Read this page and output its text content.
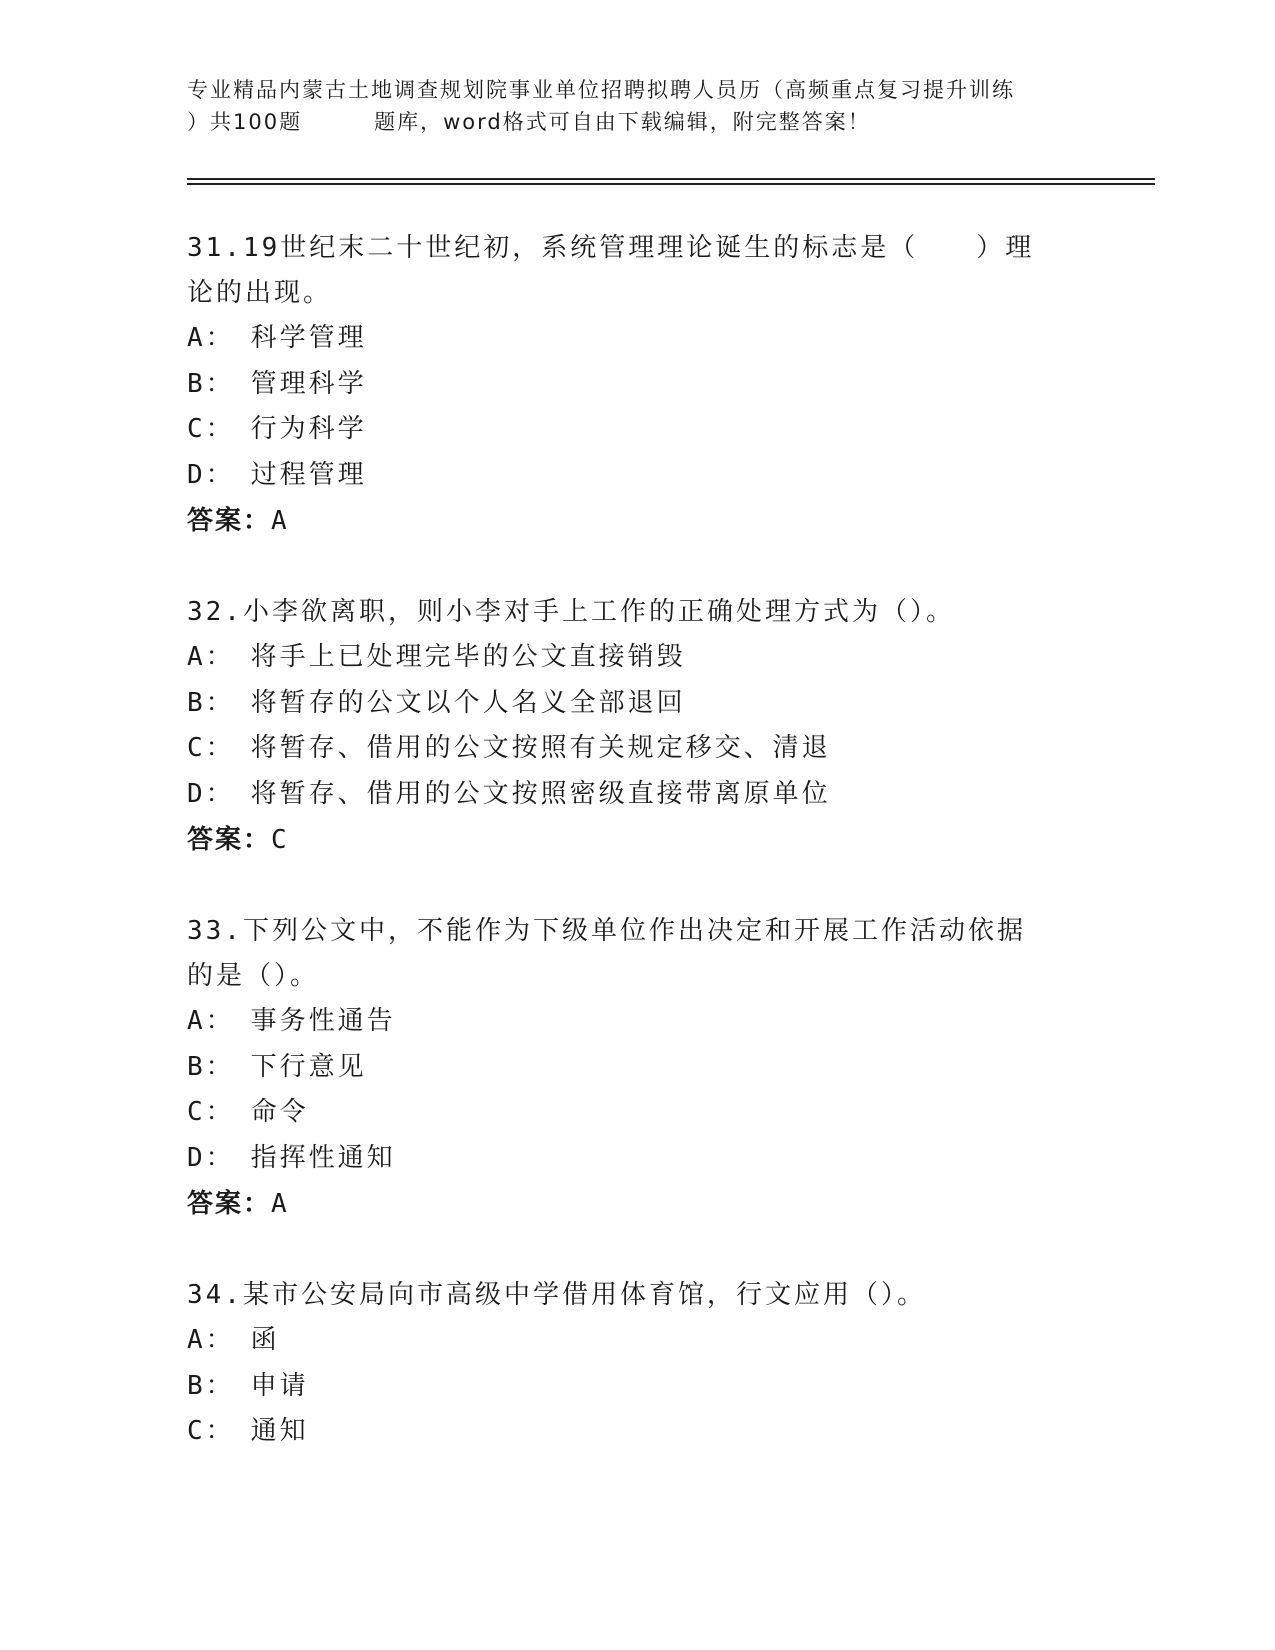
专业精品内蒙古土地调查规划院事业单位招聘拟聘人员历（高频重点复习提升训练
）共100题	题库，word格式可自由下载编辑，附完整答案！

31.19世纪末二十世纪初，系统管理理论诞生的标志是（　　）理论的出现。

A： 科学管理
B： 管理科学
C： 行为科学
D： 过程管理
答案：A

32.小李欲离职，则小李对手上工作的正确处理方式为（）。

A： 将手上已处理完毕的公文直接销毁
B： 将暂存的公文以个人名义全部退回
C： 将暂存、借用的公文按照有关规定移交、清退
D： 将暂存、借用的公文按照密级直接带离原单位
答案：C

33.下列公文中，不能作为下级单位作出决定和开展工作活动依据的是（）。

A： 事务性通告
B： 下行意见
C： 命令
D： 指挥性通知
答案：A

34.某市公安局向市高级中学借用体育馆，行文应用（）。

A： 函
B： 申请
C： 通知
